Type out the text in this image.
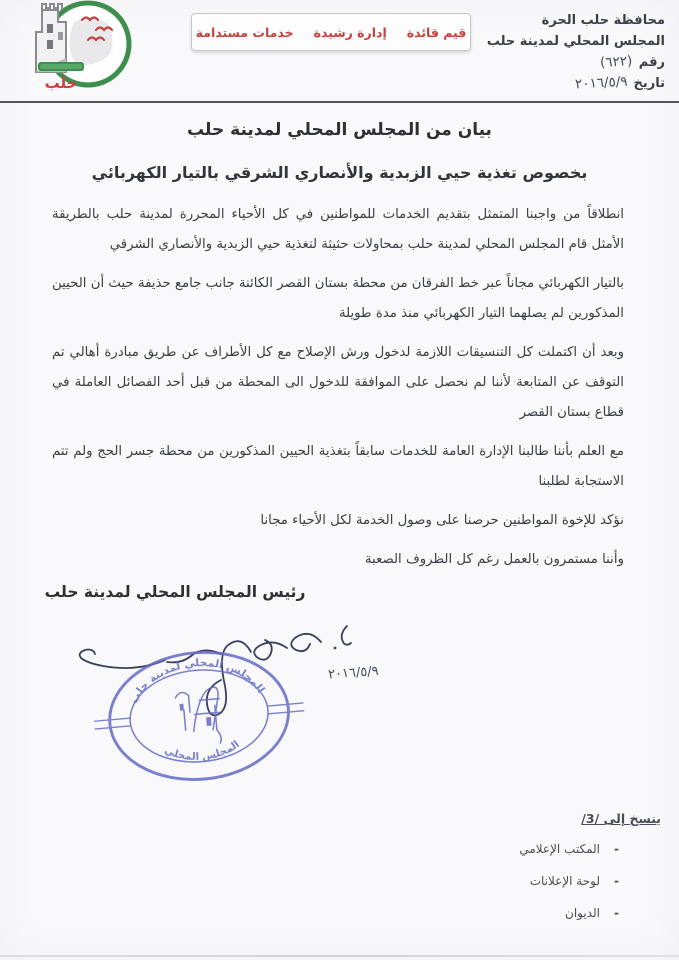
حلب
قيم قائدة
إدارة رشيدة
خدمات مستدامة
محافظة حلب الحرة
المجلس المحلي لمدينة حلب
رقم
(٦٢٢)
تاريخ
٢٠١٦/٥/٩
بيان من المجلس المحلي لمدينة حلب
بخصوص تغذية حيي الزبدية والأنصاري الشرقي بالتيار الكهربائي

انطلاقاً من واجبنا المتمثل بتقديم الخدمات للمواطنين في كل الأحياء المحررة لمدينة حلب بالطريقة الأمثل قام المجلس المحلي لمدينة حلب بمحاولات حثيثة لتغذية حيي الزبدية والأنصاري الشرقي

بالتيار الكهربائي مجاناً عبر خط الفرقان من محطة بستان القصر الكائنة جانب جامع حذيفة حيث أن الحيين المذكورين لم يصلهما التيار الكهربائي منذ مدة طويلة

وبعد أن اكتملت كل التنسيقات اللازمة لدخول ورش الإصلاح مع كل الأطراف عن طريق مبادرة أهالي تم التوقف عن المتابعة لأننا لم نحصل على الموافقة للدخول الى المحطة من قبل أحد الفصائل العاملة في قطاع بستان القصر

مع العلم بأننا طالبنا الإدارة العامة للخدمات سابقاً بتغذية الحيين المذكورين من محطة جسر الحج ولم تتم الاستجابة لطلبنا

نؤكد للإخوة المواطنين حرصنا على وصول الخدمة لكل الأحياء مجانا

وأننا مستمرون بالعمل رغم كل الظروف الصعبة

رئيس المجلس المحلي لمدينة حلب
المجلس المحلي لمدينة حلب
المجلس المحلي
٢٠١٦/٥/٩
ينسخ إلى /3/
-
المكتب الإعلامي
-
لوحة الإعلانات
-
الديوان
